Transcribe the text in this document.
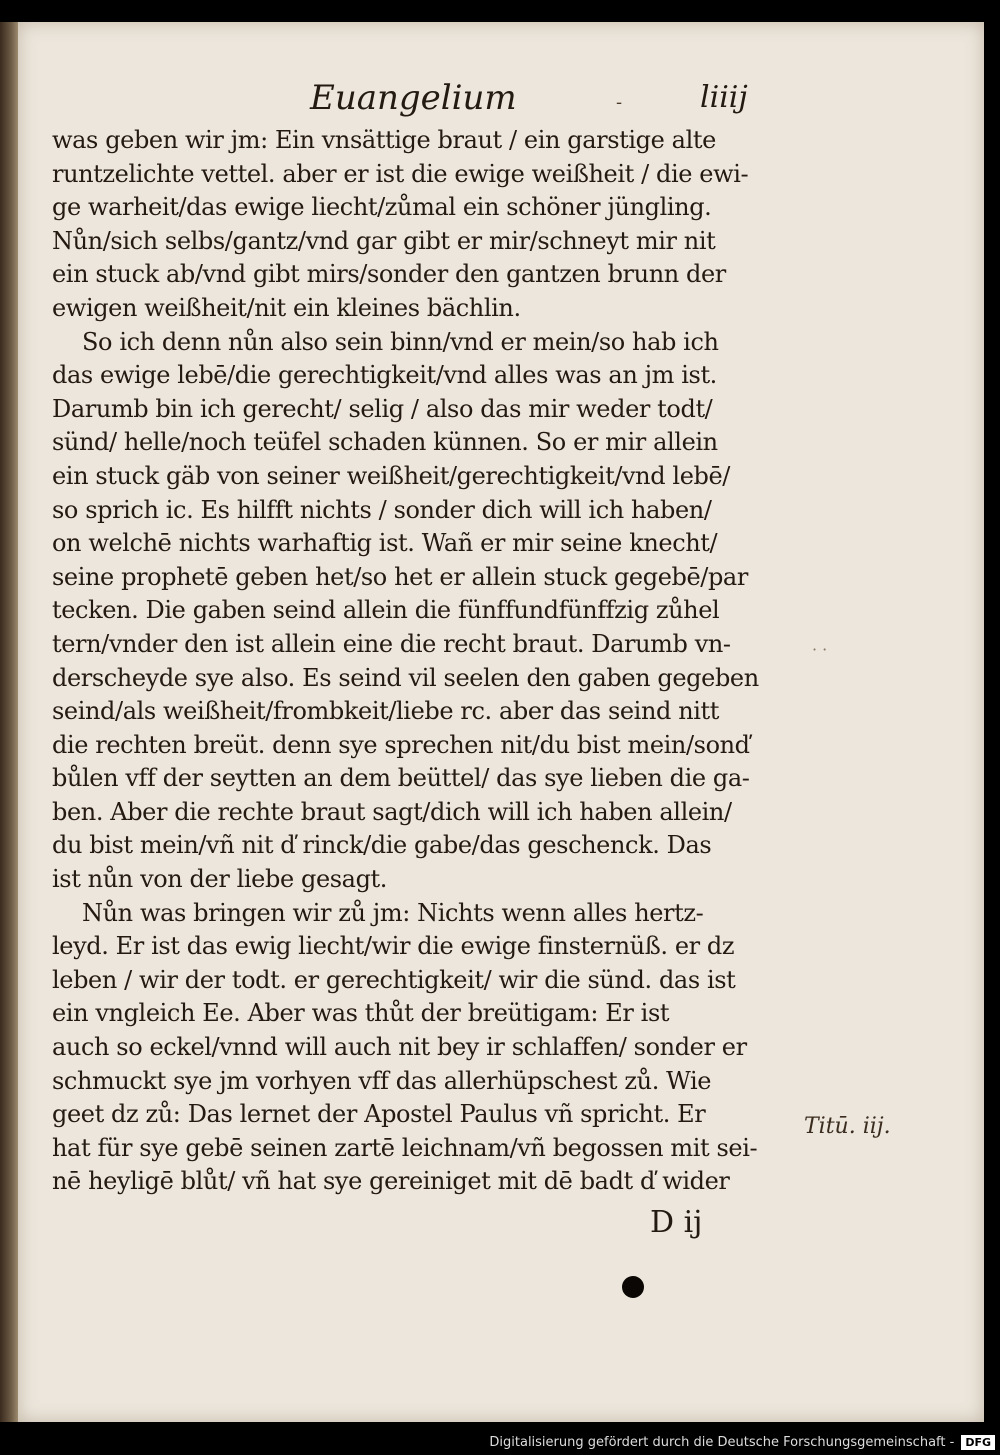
Euangelium	-	liiij
was geben wir jm: Ein vnsättige braut / ein garstige alte
runtzelichte vettel. aber er ist die ewige weißheit / die ewi-
ge warheit/das ewige liecht/zůmal ein schöner jüngling.
Nůn/sich selbs/gantz/vnd gar gibt er mir/schneyt mir nit
ein stuck ab/vnd gibt mirs/sonder den gantzen brunn der
ewigen weißheit/nit ein kleines bächlin.
So ich denn nůn also sein binn/vnd er mein/so hab ich
das ewige lebē/die gerechtigkeit/vnd alles was an jm ist.
Darumb bin ich gerecht/ selig / also das mir weder todt/
sünd/ helle/noch teüfel schaden künnen. So er mir allein
ein stuck gäb von seiner weißheit/gerechtigkeit/vnd lebē/
so sprich ic. Es hilfft nichts / sonder dich will ich haben/
on welchē nichts warhaftig ist. Wañ er mir seine knecht/
seine prophetē geben het/so het er allein stuck gegebē/par
tecken. Die gaben seind allein die fünffundfünffzig zůhel
tern/vnder den ist allein eine die recht braut. Darumb vn-
derscheyde sye also. Es seind vil seelen den gaben gegeben
seind/als weißheit/frombkeit/liebe rc. aber das seind nitt
die rechten breüt. denn sye sprechen nit/du bist mein/sonď
bůlen vff der seytten an dem beüttel/ das sye lieben die ga-
ben. Aber die rechte braut sagt/dich will ich haben allein/
du bist mein/vñ nit ď rinck/die gabe/das geschenck. Das
ist nůn von der liebe gesagt.
Nůn was bringen wir zů jm: Nichts wenn alles hertz-
leyd. Er ist das ewig liecht/wir die ewige finsternüß. er dz
leben / wir der todt. er gerechtigkeit/ wir die sünd. das ist
ein vngleich Ee. Aber was thůt der breütigam: Er ist
auch so eckel/vnnd will auch nit bey ir schlaffen/ sonder er
schmuckt sye jm vorhyen vff das allerhüpschest zů. Wie
geet dz zů: Das lernet der Apostel Paulus vñ spricht. Er
hat für sye gebē seinen zartē leichnam/vñ begossen mit sei-
nē heyligē blůt/ vñ hat sye gereiniget mit dē badt ď wider
· ·
Titū. iij.
D ij
Digitalisierung gefördert durch die Deutsche Forschungsgemeinschaft -	DFG
